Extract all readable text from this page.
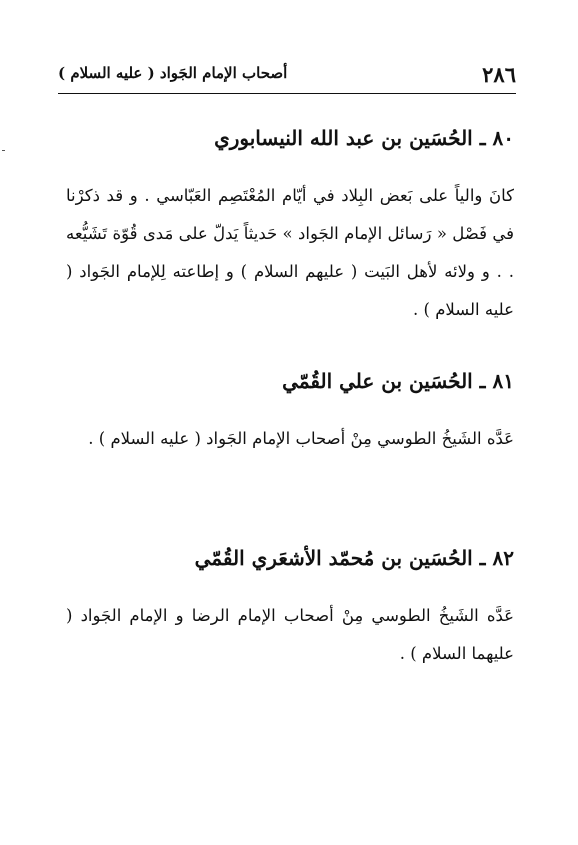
٢٨٦
أصحاب الإمام الجَواد ( عليه السلام )
٨٠ ـ الحُسَين بن عبد الله النيسابوري

كانَ والياً على بَعض البِلاد في أيّام المُعْتَصِم العَبّاسي . و قد ذكرْنا في فَصْل « رَسائل الإمام الجَواد » حَديثاً يَدلّ على مَدى قُوّة تَشَيُّعه . . و ولائه لأهل البَيت ( عليهم السلام ) و إطاعته لِلإمام الجَواد ( عليه السلام ) .

٨١ ـ الحُسَين بن علي القُمّي

عَدَّه الشَيخُ الطوسي مِنْ أصحاب الإمام الجَواد ( عليه السلام ) .

٨٢ ـ الحُسَين بن مُحمّد الأشعَري القُمّي

عَدَّه الشَيخُ الطوسي مِنْ أصحاب الإمام الرضا و الإمام الجَواد ( عليهما السلام ) .
